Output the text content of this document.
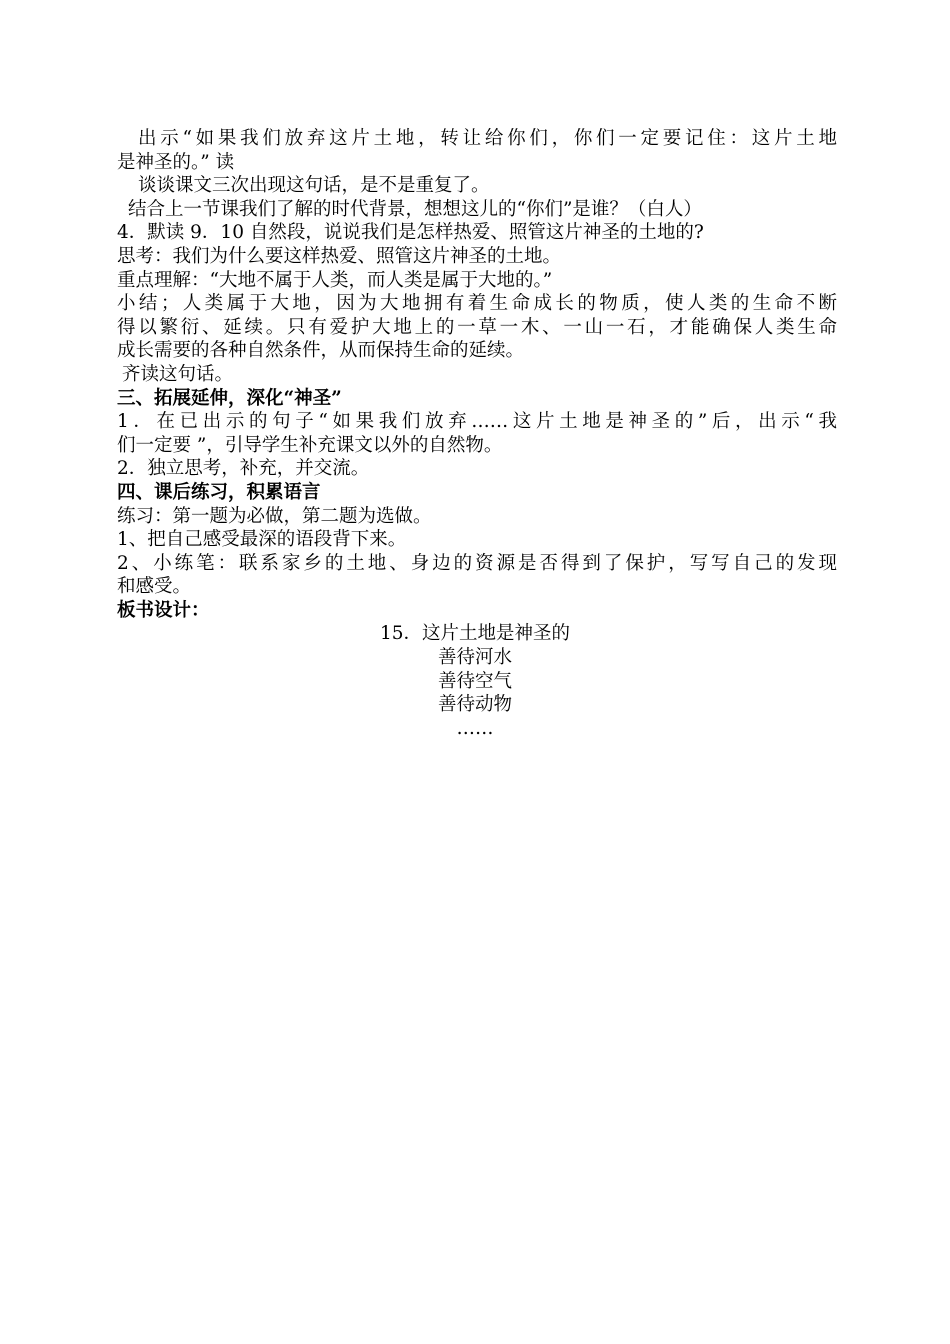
出示“如果我们放弃这片土地，转让给你们，你们一定要记住：这片土地
是神圣的。” 读
谈谈课文三次出现这句话，是不是重复了。
结合上一节课我们了解的时代背景，想想这儿的“你们”是谁？（白人）
4．默读 9．10 自然段，说说我们是怎样热爱、照管这片神圣的土地的?
思考：我们为什么要这样热爱、照管这片神圣的土地。
重点理解：“大地不属于人类，而人类是属于大地的。”
小结；人类属于大地，因为大地拥有着生命成长的物质，使人类的生命不断
得以繁衍、延续。只有爱护大地上的一草一木、一山一石，才能确保人类生命
成长需要的各种自然条件，从而保持生命的延续。
齐读这句话。
三、拓展延伸，深化“神圣”
1．在已出示的句子“如果我们放弃……这片土地是神圣的”后，出示“我
们一定要 ”，引导学生补充课文以外的自然物。
2．独立思考，补充，并交流。
四、课后练习，积累语言
练习：第一题为必做，第二题为选做。
1、把自己感受最深的语段背下来。
2、小练笔：联系家乡的土地、身边的资源是否得到了保护，写写自己的发现
和感受。
板书设计：
15．这片土地是神圣的
善待河水
善待空气
善待动物
……
